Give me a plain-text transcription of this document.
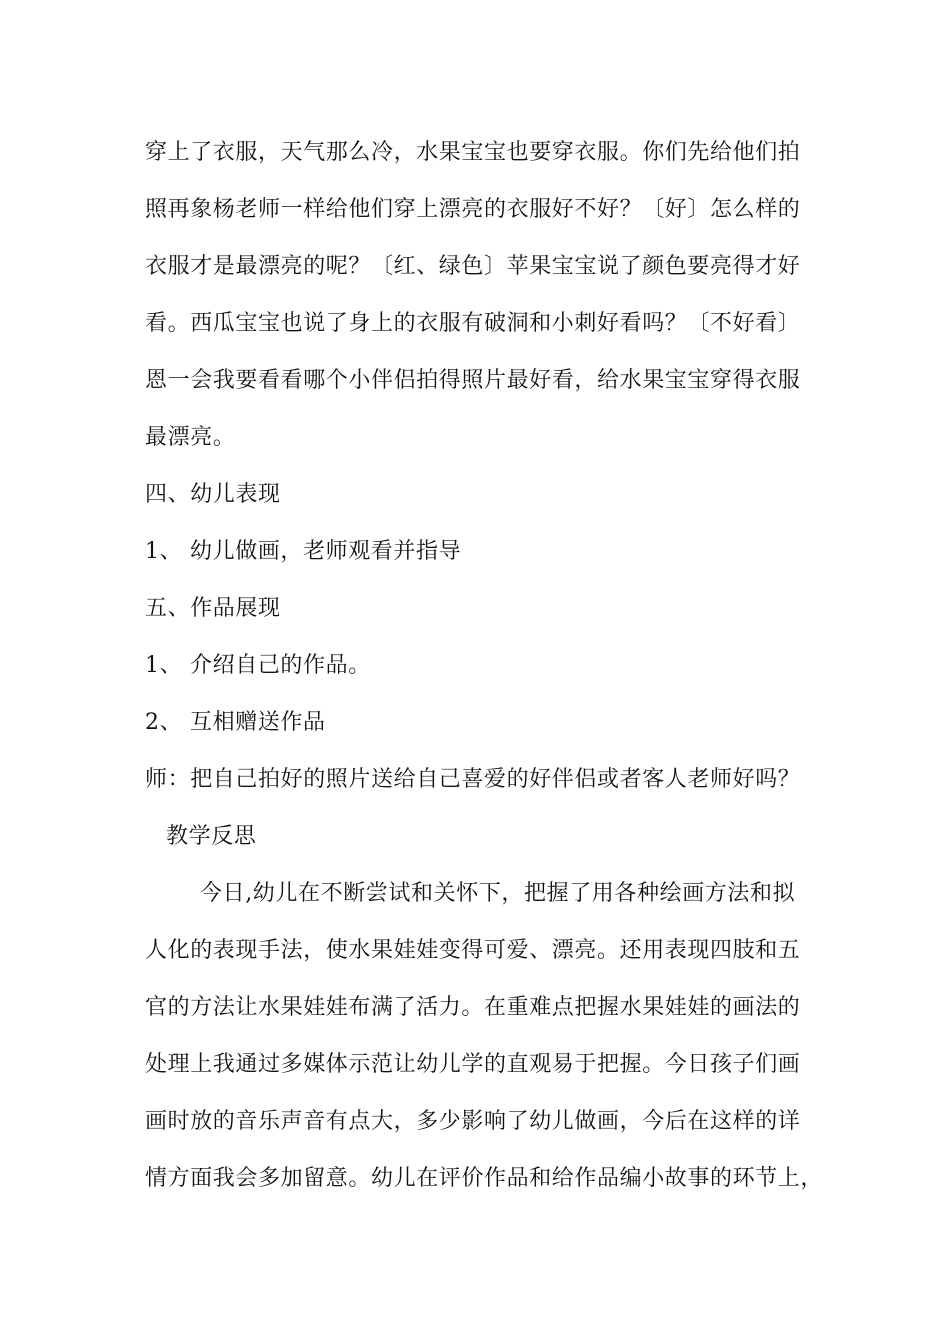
穿上了衣服，天气那么冷，水果宝宝也要穿衣服。你们先给他们拍
照再象杨老师一样给他们穿上漂亮的衣服好不好？〔好〕怎么样的
衣服才是最漂亮的呢？〔红、绿色〕苹果宝宝说了颜色要亮得才好
看。西瓜宝宝也说了身上的衣服有破洞和小刺好看吗？〔不好看〕
恩一会我要看看哪个小伴侣拍得照片最好看，给水果宝宝穿得衣服
最漂亮。
四、幼儿表现
1、 幼儿做画，老师观看并指导
五、作品展现
1、 介绍自己的作品。
2、 互相赠送作品
师：把自己拍好的照片送给自己喜爱的好伴侣或者客人老师好吗？
教学反思
今日,幼儿在不断尝试和关怀下，把握了用各种绘画方法和拟
人化的表现手法，使水果娃娃变得可爱、漂亮。还用表现四肢和五
官的方法让水果娃娃布满了活力。在重难点把握水果娃娃的画法的
处理上我通过多媒体示范让幼儿学的直观易于把握。今日孩子们画
画时放的音乐声音有点大，多少影响了幼儿做画，今后在这样的详
情方面我会多加留意。幼儿在评价作品和给作品编小故事的环节上，
